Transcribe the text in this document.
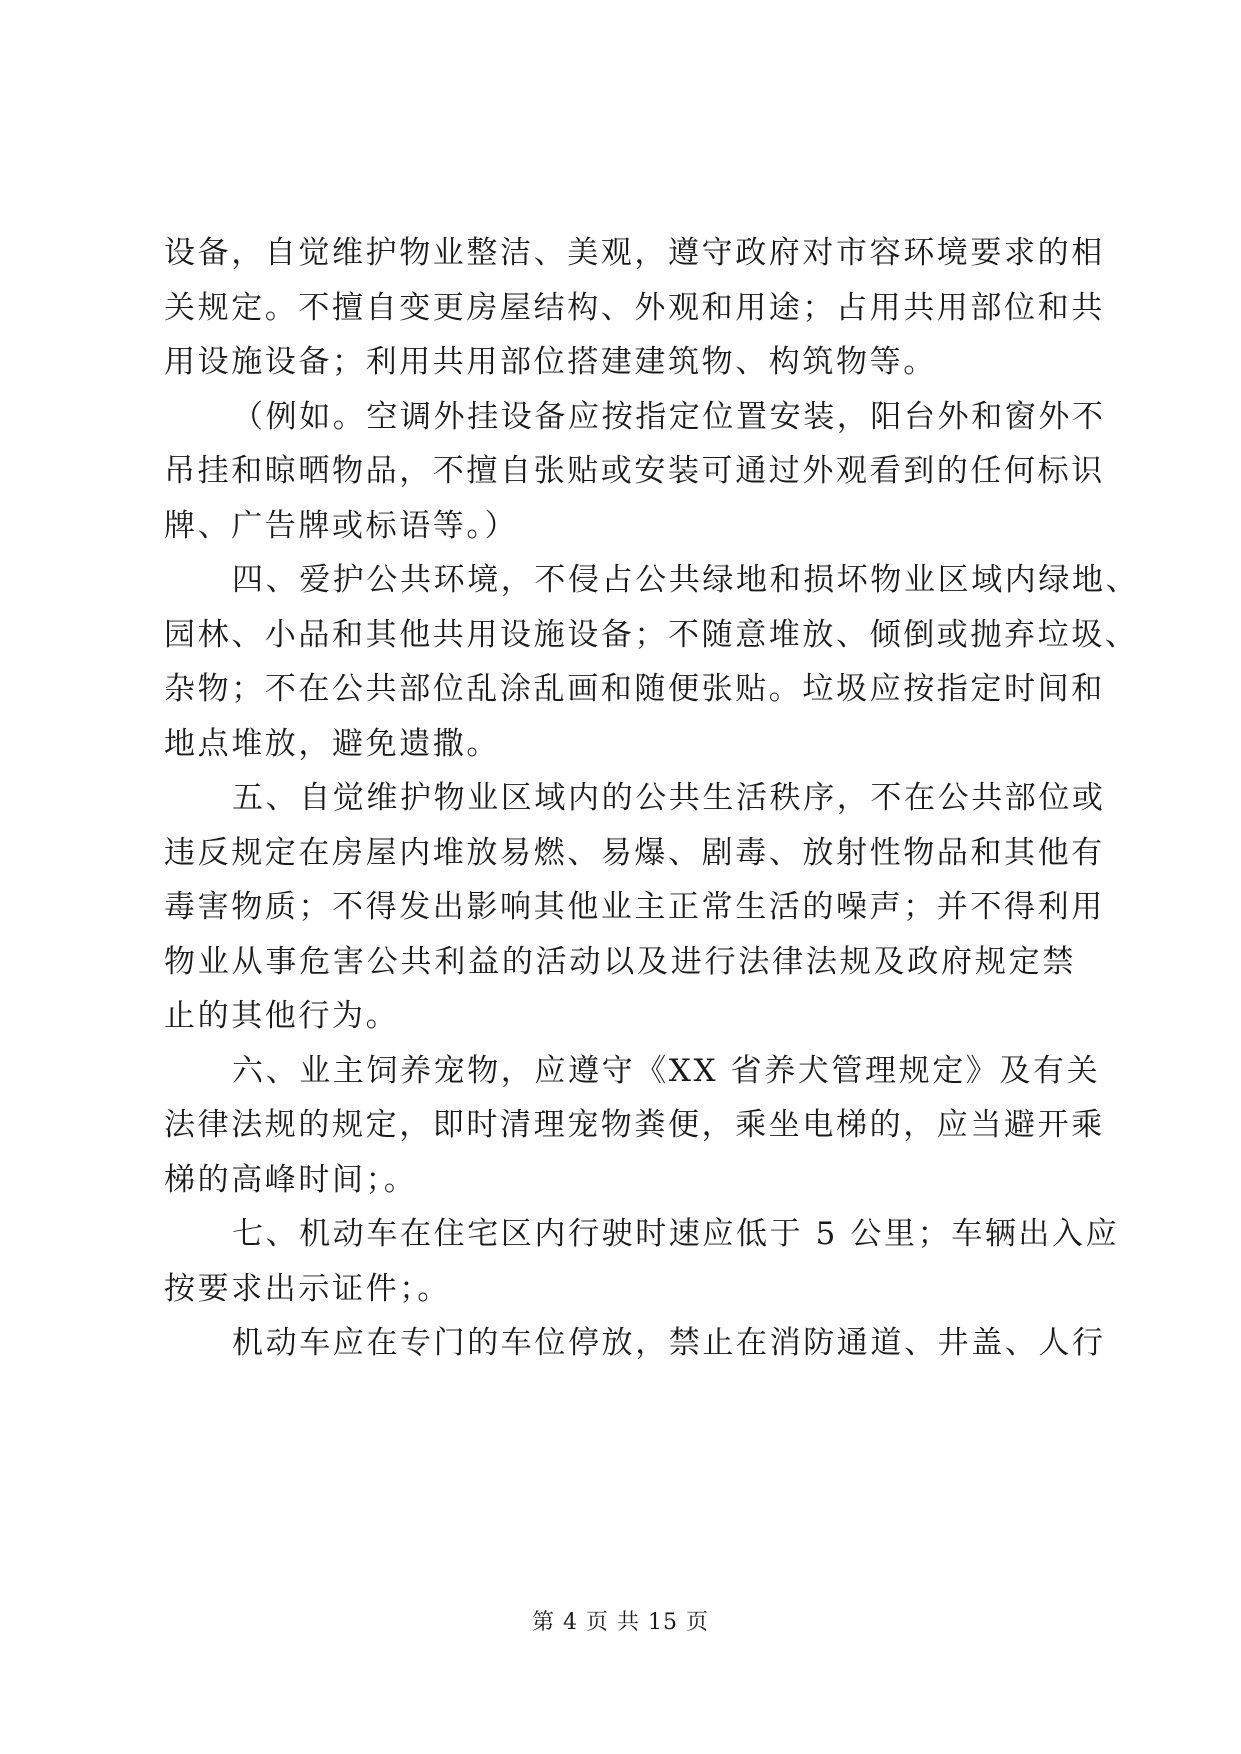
设备，自觉维护物业整洁、美观，遵守政府对市容环境要求的相
关规定。不擅自变更房屋结构、外观和用途；占用共用部位和共
用设施设备；利用共用部位搭建建筑物、构筑物等。
（例如。空调外挂设备应按指定位置安装，阳台外和窗外不
吊挂和晾晒物品，不擅自张贴或安装可通过外观看到的任何标识
牌、广告牌或标语等。）
四、爱护公共环境，不侵占公共绿地和损坏物业区域内绿地、
园林、小品和其他共用设施设备；不随意堆放、倾倒或抛弃垃圾、
杂物；不在公共部位乱涂乱画和随便张贴。垃圾应按指定时间和
地点堆放，避免遗撒。
五、自觉维护物业区域内的公共生活秩序，不在公共部位或
违反规定在房屋内堆放易燃、易爆、剧毒、放射性物品和其他有
毒害物质；不得发出影响其他业主正常生活的噪声；并不得利用
物业从事危害公共利益的活动以及进行法律法规及政府规定禁
止的其他行为。
六、业主饲养宠物，应遵守《XX 省养犬管理规定》及有关
法律法规的规定，即时清理宠物粪便，乘坐电梯的，应当避开乘
梯的高峰时间；。
七、机动车在住宅区内行驶时速应低于 5 公里；车辆出入应
按要求出示证件；。
机动车应在专门的车位停放，禁止在消防通道、井盖、人行
第 4 页 共 15 页
